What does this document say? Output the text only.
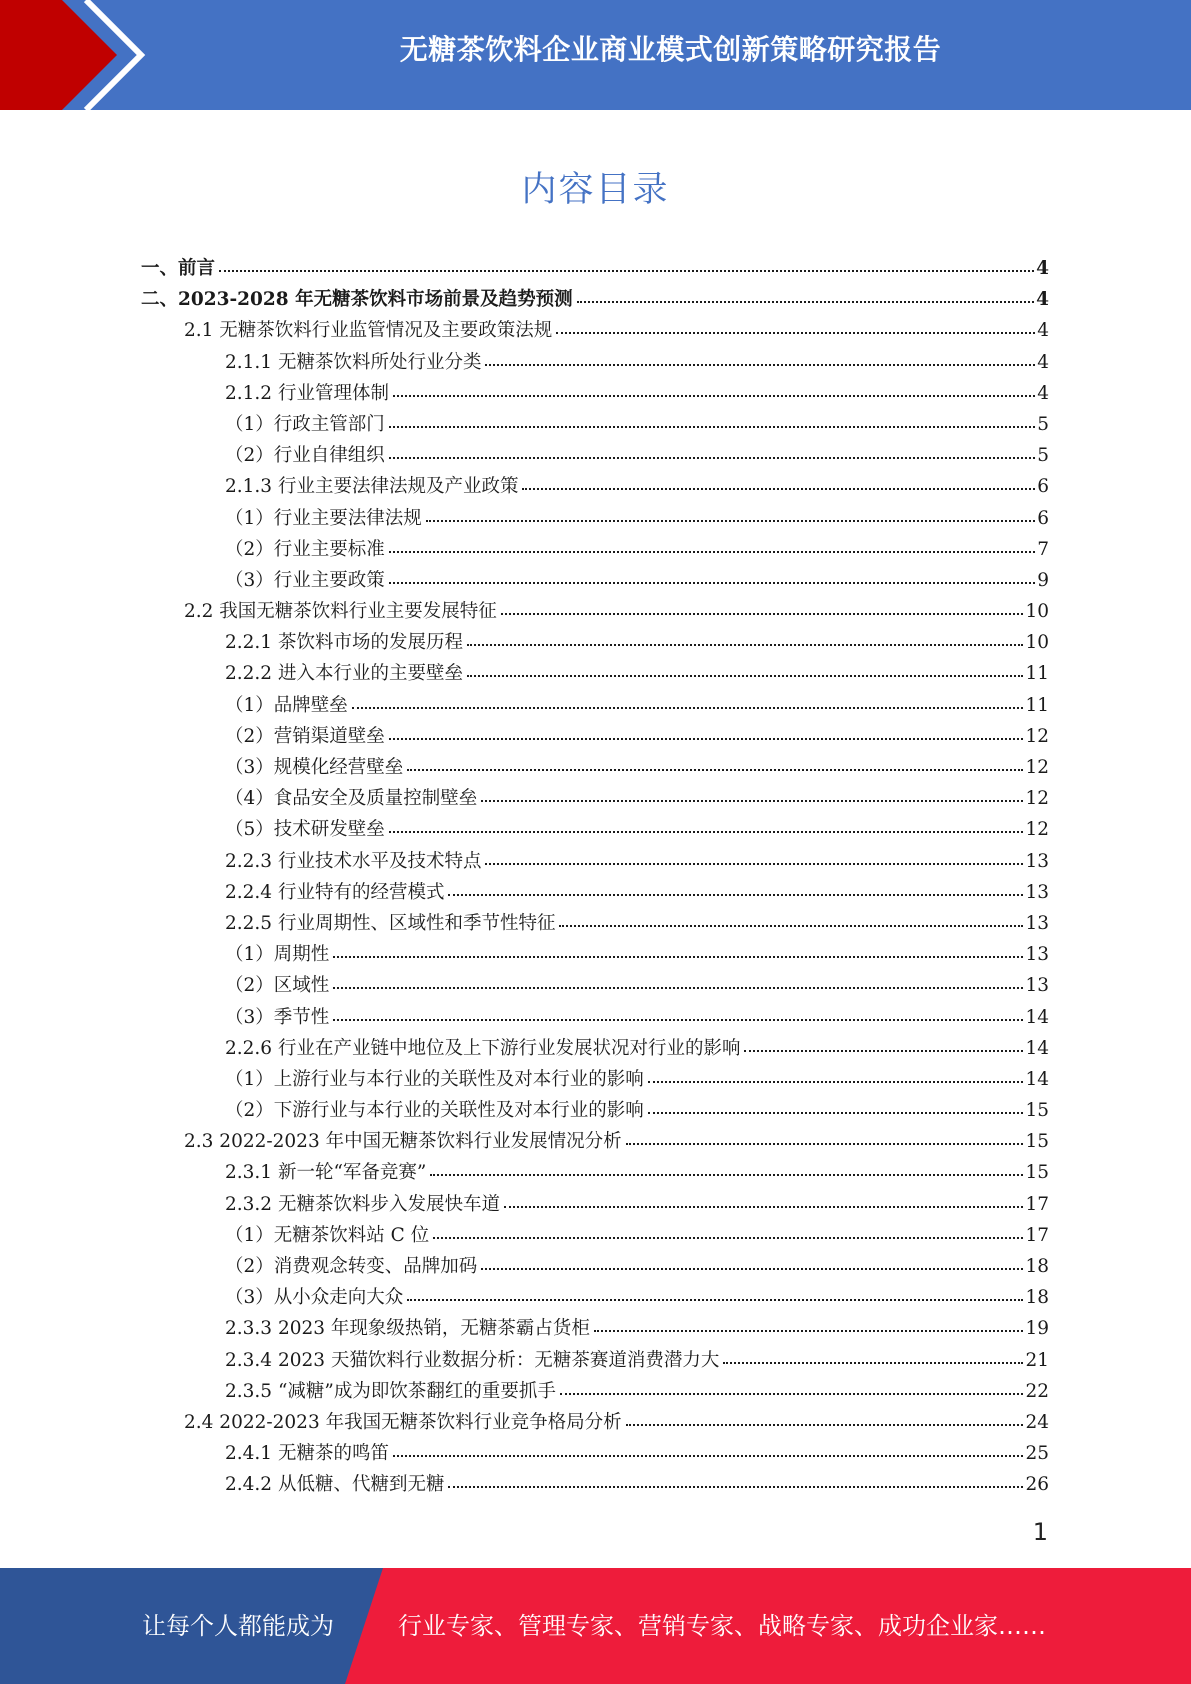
无糖茶饮料企业商业模式创新策略研究报告
内容目录
一、前言	4
二、2023-2028 年无糖茶饮料市场前景及趋势预测	4
2.1 无糖茶饮料行业监管情况及主要政策法规	4
2.1.1 无糖茶饮料所处行业分类	4
2.1.2 行业管理体制	4
（1）行政主管部门	5
（2）行业自律组织	5
2.1.3 行业主要法律法规及产业政策	6
（1）行业主要法律法规	6
（2）行业主要标准	7
（3）行业主要政策	9
2.2 我国无糖茶饮料行业主要发展特征	10
2.2.1 茶饮料市场的发展历程	10
2.2.2 进入本行业的主要壁垒	11
（1）品牌壁垒	11
（2）营销渠道壁垒	12
（3）规模化经营壁垒	12
（4）食品安全及质量控制壁垒	12
（5）技术研发壁垒	12
2.2.3 行业技术水平及技术特点	13
2.2.4 行业特有的经营模式	13
2.2.5 行业周期性、区域性和季节性特征	13
（1）周期性	13
（2）区域性	13
（3）季节性	14
2.2.6 行业在产业链中地位及上下游行业发展状况对行业的影响	14
（1）上游行业与本行业的关联性及对本行业的影响	14
（2）下游行业与本行业的关联性及对本行业的影响	15
2.3 2022-2023 年中国无糖茶饮料行业发展情况分析	15
2.3.1 新一轮“军备竞赛”	15
2.3.2 无糖茶饮料步入发展快车道	17
（1）无糖茶饮料站 C 位	17
（2）消费观念转变、品牌加码	18
（3）从小众走向大众	18
2.3.3 2023 年现象级热销，无糖茶霸占货柜	19
2.3.4 2023 天猫饮料行业数据分析：无糖茶赛道消费潜力大	21
2.3.5 “减糖”成为即饮茶翻红的重要抓手	22
2.4 2022-2023 年我国无糖茶饮料行业竞争格局分析	24
2.4.1 无糖茶的鸣笛	25
2.4.2 从低糖、代糖到无糖	26
1
让每个人都能成为	行业专家、管理专家、营销专家、战略专家、成功企业家……
